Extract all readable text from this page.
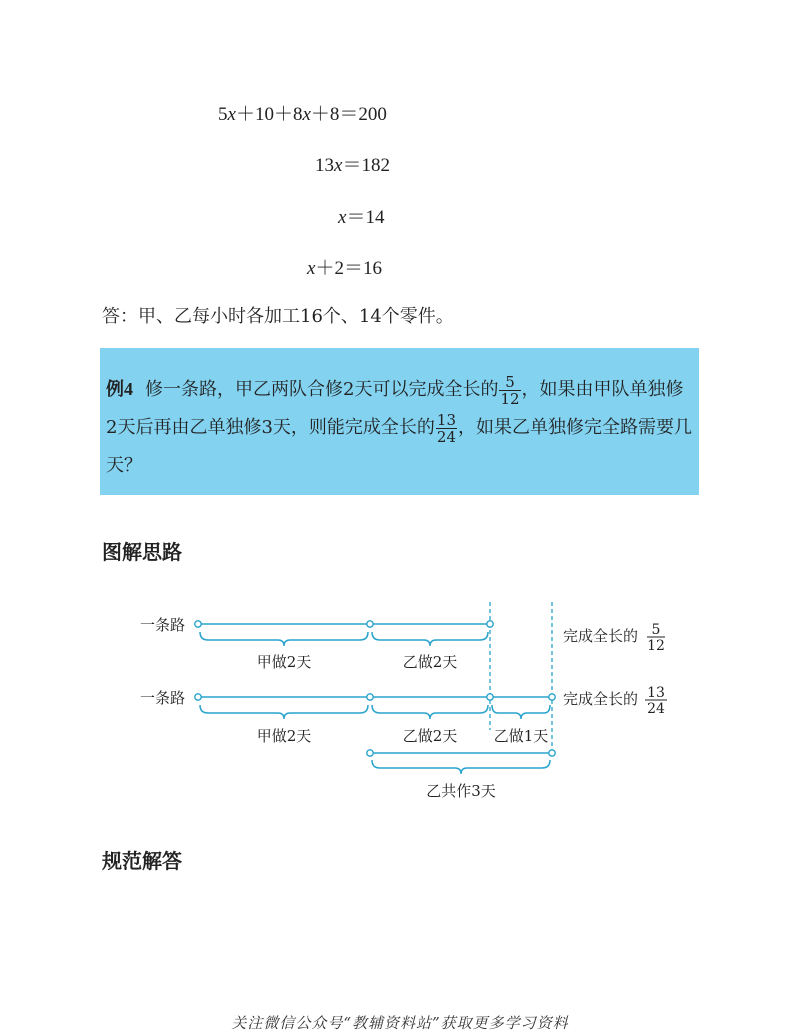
5x＋10＋8x＋8＝200
13x＝182
x＝14
x＋2＝16
答：甲、乙每小时各加工16个、14个零件。
例4 修一条路，甲乙两队合修2天可以完成全长的 $\frac{5}{12}$ ，如果由甲队单独修2天后再由乙单独修3天，则能完成全长的 $\frac{13}{24}$ ，如果乙单独修完全路需要几天？
图解思路
一条路
甲做2天	乙做2天
完成全长的 5
12
一条路
甲做2天	乙做2天 乙做1天
完成全长的 13
24
乙共作3天
规范解答
关注微信公众号“教辅资料站”获取更多学习资料
